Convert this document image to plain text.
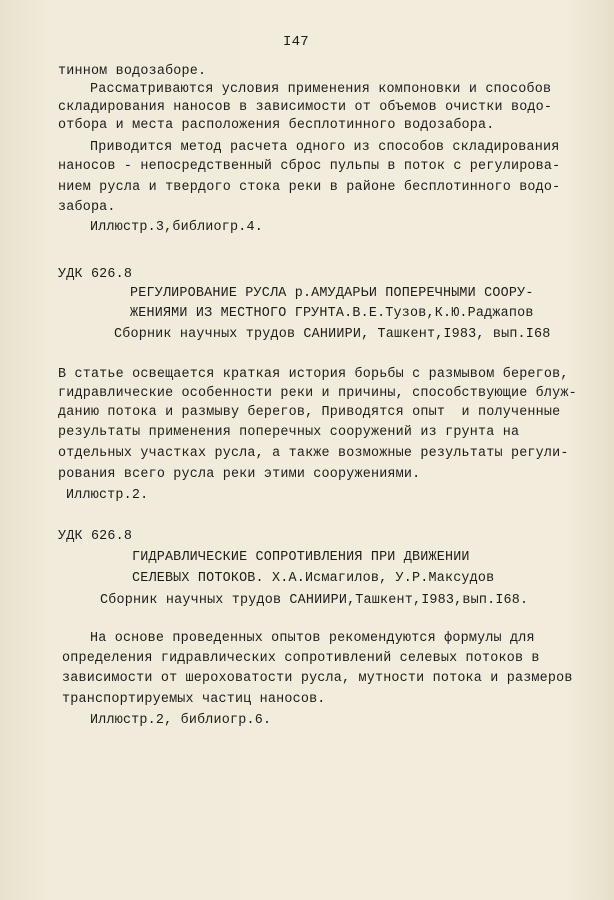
I47
тинном водозаборе.
Рассматриваются условия применения компоновки и способов
складирования наносов в зависимости от объемов очистки водо-
отбора и места расположения бесплотинного водозабора.
Приводится метод расчета одного из способов складирования
наносов - непосредственный сброс пульпы в поток с регулирова-
нием русла и твердого стока реки в районе бесплотинного водо-
забора.
Иллюстр.3,библиогр.4.
УДК 626.8
РЕГУЛИРОВАНИЕ РУСЛА р.АМУДАРЬИ ПОПЕРЕЧНЫМИ СООРУ-
ЖЕНИЯМИ ИЗ МЕСТНОГО ГРУНТА.В.Е.Тузов,К.Ю.Раджапов
Сборник научных трудов САНИИРИ, Ташкент,I983, вып.I68
В статье освещается краткая история борьбы с размывом берегов,
гидравлические особенности реки и причины, способствующие блуж-
данию потока и размыву берегов, Приводятся опыт  и полученные
результаты применения поперечных сооружений из грунта на
отдельных участках русла, а также возможные результаты регули-
рования всего русла реки этими сооружениями.
Иллюстр.2.
УДК 626.8
ГИДРАВЛИЧЕСКИЕ СОПРОТИВЛЕНИЯ ПРИ ДВИЖЕНИИ
СЕЛЕВЫХ ПОТОКОВ. Х.А.Исмагилов, У.Р.Максудов
Сборник научных трудов САНИИРИ,Ташкент,I983,вып.I68.
На основе проведенных опытов рекомендуются формулы для
определения гидравлических сопротивлений селевых потоков в
зависимости от шероховатости русла, мутности потока и размеров
транспортируемых частиц наносов.
Иллюстр.2, библиогр.6.
